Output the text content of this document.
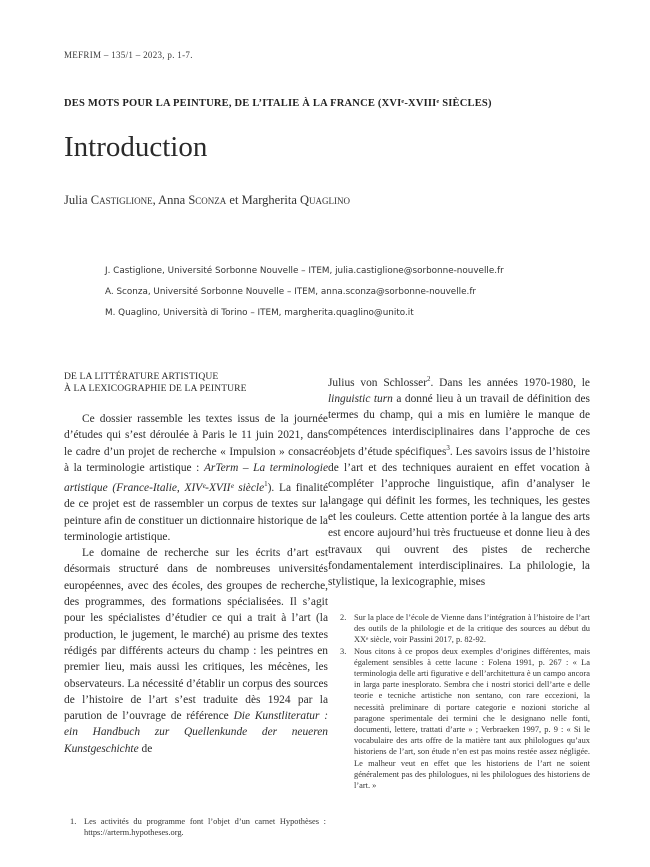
MEFRIM – 135/1 – 2023, p. 1-7.
DES MOTS POUR LA PEINTURE, DE L’ITALIE À LA FRANCE (XVIᵉ-XVIIIᵉ SIÈCLES)
Introduction
Julia Castiglione, Anna Sconza et Margherita Quaglino
J. Castiglione, Université Sorbonne Nouvelle – ITEM, julia.castiglione@sorbonne-nouvelle.fr
A. Sconza, Université Sorbonne Nouvelle – ITEM, anna.sconza@sorbonne-nouvelle.fr
M. Quaglino, Università di Torino – ITEM, margherita.quaglino@unito.it
DE LA LITTÉRATURE ARTISTIQUE
À LA LEXICOGRAPHIE DE LA PEINTURE

Ce dossier rassemble les textes issus de la journée d’études qui s’est déroulée à Paris le 11 juin 2021, dans le cadre d’un projet de recherche « Impulsion » consacré à la terminologie artistique : ArTerm – La terminologie artistique (France-Italie, XIVᵉ-XVIIᵉ siècle$^1$). La finalité de ce projet est de rassembler un corpus de textes sur la peinture afin de constituer un dictionnaire historique de la terminologie artistique.

Le domaine de recherche sur les écrits d’art est désormais structuré dans de nombreuses universités européennes, avec des écoles, des groupes de recherche, des programmes, des formations spécialisées. Il s’agit pour les spécialistes d’étudier ce qui a trait à l’art (la production, le jugement, le marché) au prisme des textes rédigés par différents acteurs du champ : les peintres en premier lieu, mais aussi les critiques, les mécènes, les observateurs. La nécessité d’établir un corpus des sources de l’histoire de l’art s’est traduite dès 1924 par la parution de l’ouvrage de référence Die Kunstliteratur : ein Handbuch zur Quellenkunde der neueren Kunstgeschichte de

Julius von Schlosser$^2$. Dans les années 1970-1980, le linguistic turn a donné lieu à un travail de définition des termes du champ, qui a mis en lumière le manque de compétences interdisciplinaires dans l’approche de ces objets d’étude spécifiques$^3$. Les savoirs issus de l’histoire de l’art et des techniques auraient en effet vocation à compléter l’approche linguistique, afin d’analyser le langage qui définit les formes, les techniques, les gestes et les couleurs. Cette attention portée à la langue des arts est encore aujourd’hui très fructueuse et donne lieu à des travaux qui ouvrent des pistes de recherche fondamentalement interdisciplinaires. La philologie, la stylistique, la lexicographie, mises

2. Sur la place de l’école de Vienne dans l’intégration à l’histoire de l’art des outils de la philologie et de la critique des sources au début du XXᵉ siècle, voir Passini 2017, p. 82-92.
3. Nous citons à ce propos deux exemples d’origines différentes, mais également sensibles à cette lacune : Folena 1991, p. 267 : « La terminologia delle arti figurative e dell’architettura è un campo ancora in larga parte inesplorato. Sembra che i nostri storici dell’arte e delle teorie e tecniche artistiche non sentano, con rare eccezioni, la necessità preliminare di portare categorie e nozioni storiche al paragone sperimentale dei termini che le designano nelle fonti, documenti, lettere, trattati d’arte » ; Verbraeken 1997, p. 9 : « Si le vocabulaire des arts offre de la matière tant aux philologues qu’aux historiens de l’art, son étude n’en est pas moins restée assez négligée. Le malheur veut en effet que les historiens de l’art ne soient généralement pas des philologues, ni les philologues des historiens de l’art. »
1. Les activités du programme font l’objet d’un carnet Hypothèses : https://arterm.hypotheses.org.
